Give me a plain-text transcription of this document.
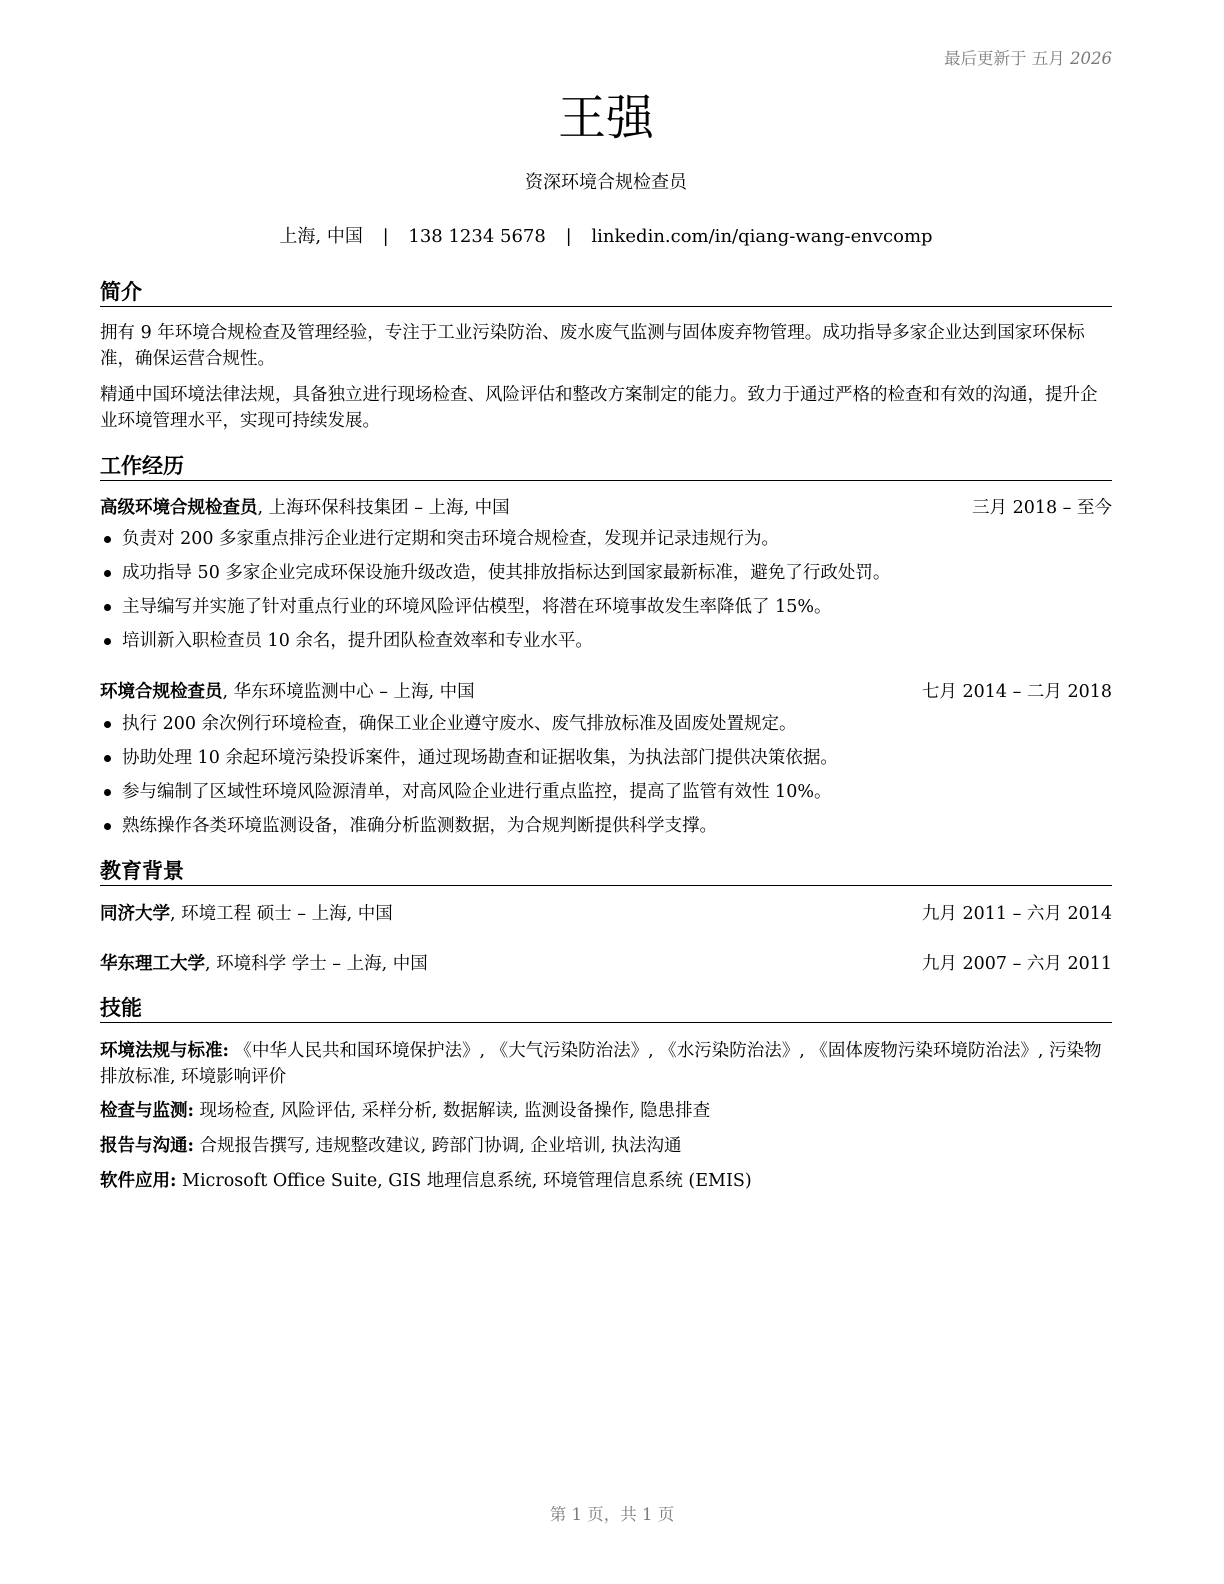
最后更新于 五月 2026
王强
资深环境合规检查员
上海, 中国 | 138 1234 5678 | linkedin.com/in/qiang-wang-envcomp
简介
拥有 9 年环境合规检查及管理经验，专注于工业污染防治、废水废气监测与固体废弃物管理。成功指导多家企业达到国家环保标准，确保运营合规性。
精通中国环境法律法规，具备独立进行现场检查、风险评估和整改方案制定的能力。致力于通过严格的检查和有效的沟通，提升企业环境管理水平，实现可持续发展。
工作经历
高级环境合规检查员, 上海环保科技集团 – 上海, 中国	三月 2018 – 至今
负责对 200 多家重点排污企业进行定期和突击环境合规检查，发现并记录违规行为。
成功指导 50 多家企业完成环保设施升级改造，使其排放指标达到国家最新标准，避免了行政处罚。
主导编写并实施了针对重点行业的环境风险评估模型，将潜在环境事故发生率降低了 15%。
培训新入职检查员 10 余名，提升团队检查效率和专业水平。
环境合规检查员, 华东环境监测中心 – 上海, 中国	七月 2014 – 二月 2018
执行 200 余次例行环境检查，确保工业企业遵守废水、废气排放标准及固废处置规定。
协助处理 10 余起环境污染投诉案件，通过现场勘查和证据收集，为执法部门提供决策依据。
参与编制了区域性环境风险源清单，对高风险企业进行重点监控，提高了监管有效性 10%。
熟练操作各类环境监测设备，准确分析监测数据，为合规判断提供科学支撑。
教育背景
同济大学, 环境工程 硕士 – 上海, 中国	九月 2011 – 六月 2014
华东理工大学, 环境科学 学士 – 上海, 中国	九月 2007 – 六月 2011
技能
环境法规与标准: 《中华人民共和国环境保护法》, 《大气污染防治法》, 《水污染防治法》, 《固体废物污染环境防治法》, 污染物排放标准, 环境影响评价
检查与监测: 现场检查, 风险评估, 采样分析, 数据解读, 监测设备操作, 隐患排查
报告与沟通: 合规报告撰写, 违规整改建议, 跨部门协调, 企业培训, 执法沟通
软件应用: Microsoft Office Suite, GIS 地理信息系统, 环境管理信息系统 (EMIS)
第 1 页，共 1 页
